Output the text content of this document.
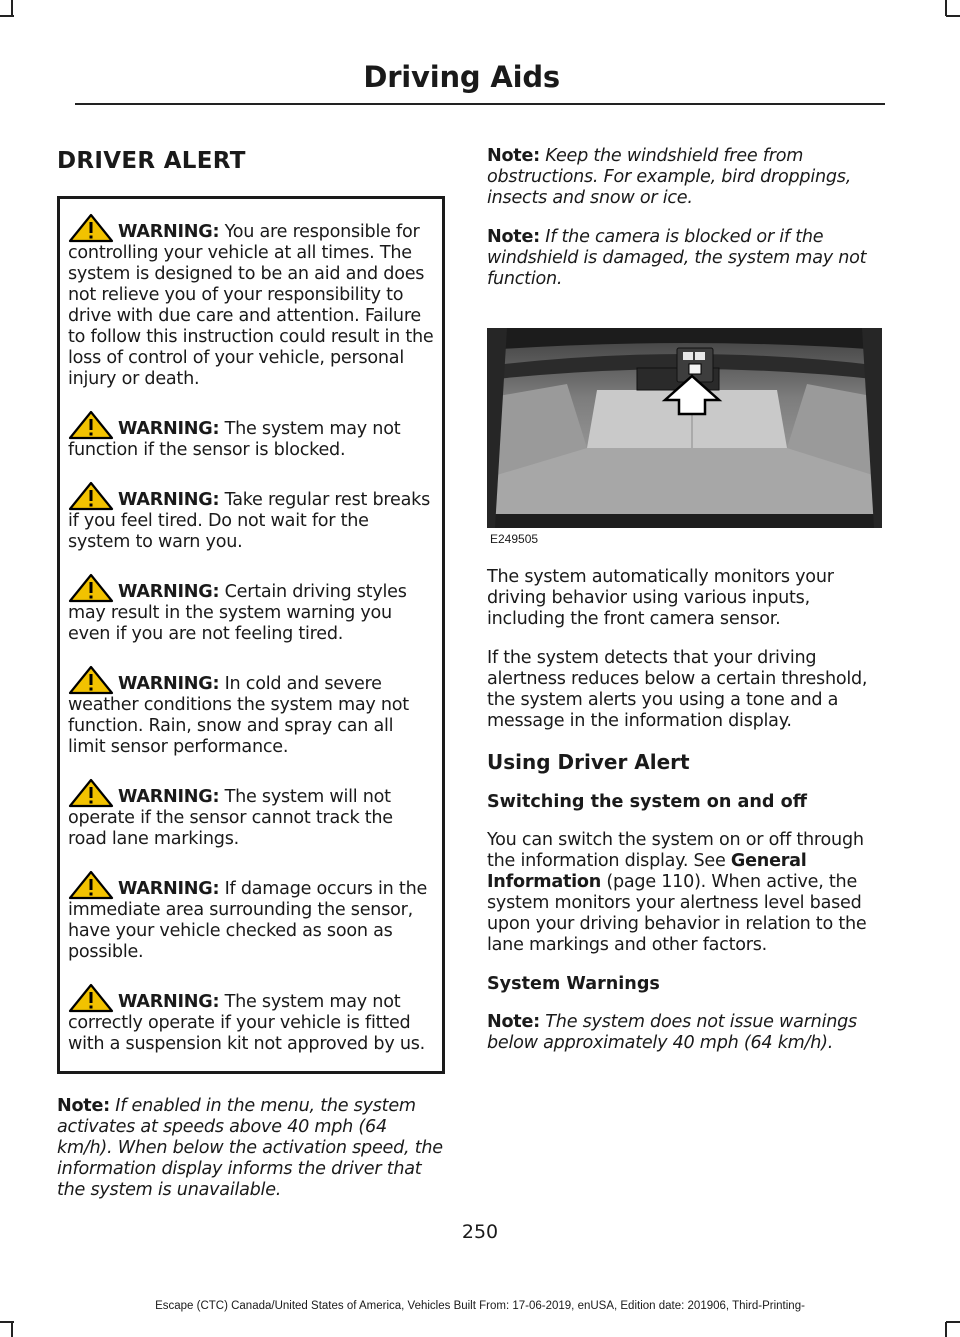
Driving Aids
DRIVER ALERT
WARNING: You are responsible for controlling your vehicle at all times. The system is designed to be an aid and does not relieve you of your responsibility to drive with due care and attention. Failure to follow this instruction could result in the loss of control of your vehicle, personal injury or death.
WARNING: The system may not function if the sensor is blocked.
WARNING: Take regular rest breaks if you feel tired. Do not wait for the system to warn you.
WARNING: Certain driving styles may result in the system warning you even if you are not feeling tired.
WARNING: In cold and severe weather conditions the system may not function. Rain, snow and spray can all limit sensor performance.
WARNING: The system will not operate if the sensor cannot track the road lane markings.
WARNING: If damage occurs in the immediate area surrounding the sensor, have your vehicle checked as soon as possible.
WARNING: The system may not correctly operate if your vehicle is fitted with a suspension kit not approved by us.

Note: If enabled in the menu, the system activates at speeds above 40 mph (64 km/h). When below the activation speed, the information display informs the driver that the system is unavailable.

Note: Keep the windshield free from obstructions. For example, bird droppings, insects and snow or ice.

Note: If the camera is blocked or if the windshield is damaged, the system may not function.

E249505

The system automatically monitors your driving behavior using various inputs, including the front camera sensor.

If the system detects that your driving alertness reduces below a certain threshold, the system alerts you using a tone and a message in the information display.

Using Driver Alert
Switching the system on and off

You can switch the system on or off through the information display. See General Information (page 110). When active, the system monitors your alertness level based upon your driving behavior in relation to the lane markings and other factors.

System Warnings

Note: The system does not issue warnings below approximately 40 mph (64 km/h).

250
Escape (CTC) Canada/United States of America, Vehicles Built From: 17-06-2019, enUSA, Edition date: 201906, Third-Printing-
